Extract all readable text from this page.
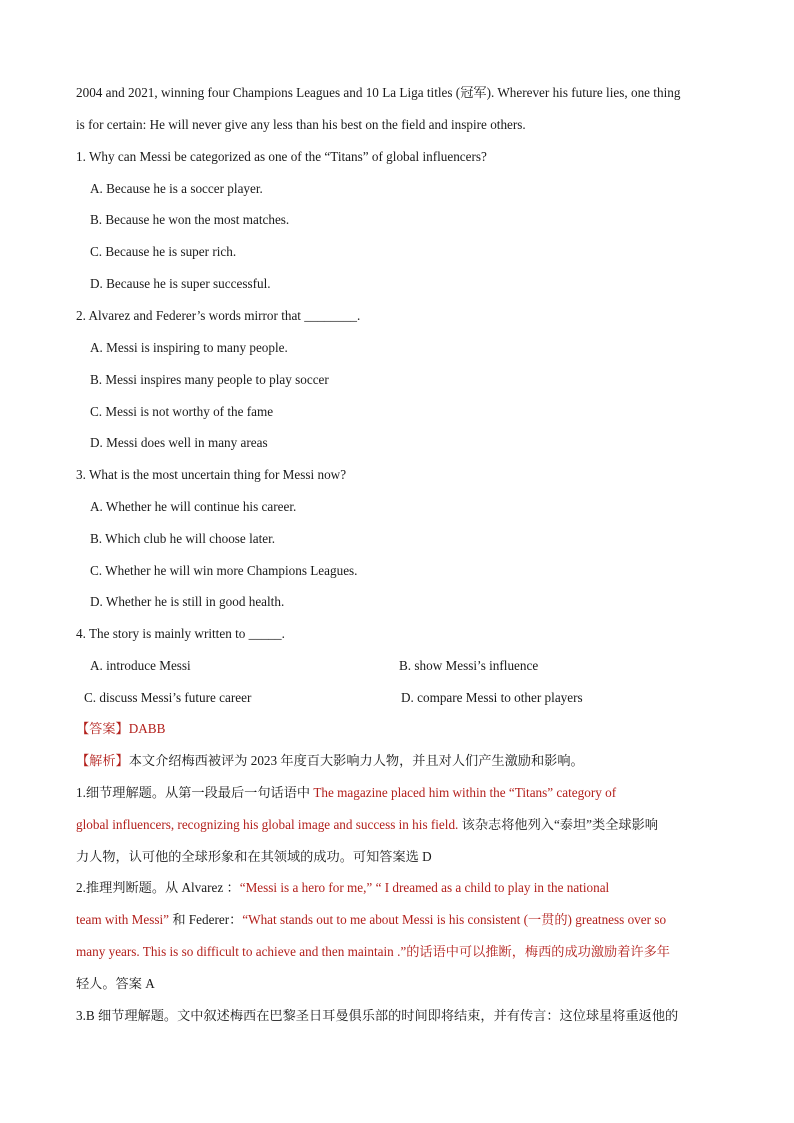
2004 and 2021, winning four Champions Leagues and 10 La Liga titles (冠军). Wherever his future lies, one thing
is for certain: He will never give any less than his best on the field and inspire others.
1. Why can Messi be categorized as one of the “Titans” of global influencers?
A. Because he is a soccer player.
B. Because he won the most matches.
C. Because he is super rich.
D. Because he is super successful.
2. Alvarez and Federer’s words mirror that ________.
A. Messi is inspiring to many people.
B. Messi inspires many people to play soccer
C. Messi is not worthy of the fame
D. Messi does well in many areas
3. What is the most uncertain thing for Messi now?
A. Whether he will continue his career.
B. Which club he will choose later.
C. Whether he will win more Champions Leagues.
D. Whether he is still in good health.
4. The story is mainly written to _____.
A. introduce Messi	B. show Messi’s influence
C. discuss Messi’s future career	D. compare Messi to other players
【答案】DABB
【解析】本文介绍梅西被评为 2023 年度百大影响力人物，并且对人们产生激励和影响。
1.细节理解题。从第一段最后一句话语中 The magazine placed him within the “Titans” category of
global influencers, recognizing his global image and success in his field. 该杂志将他列入“泰坦”类全球影响
力人物，认可他的全球形象和在其领域的成功。可知答案选 D
2.推理判断题。从 Alvarez ：“Messi is a hero for me,” “ I dreamed as a child to play in the national
team with Messi” 和 Federer：“What stands out to me about Messi is his consistent (一贯的) greatness over so
many years. This is so difficult to achieve and then maintain .”的话语中可以推断，梅西的成功激励着许多年
轻人。答案 A
3.B 细节理解题。文中叙述梅西在巴黎圣日耳曼俱乐部的时间即将结束，并有传言：这位球星将重返他的
